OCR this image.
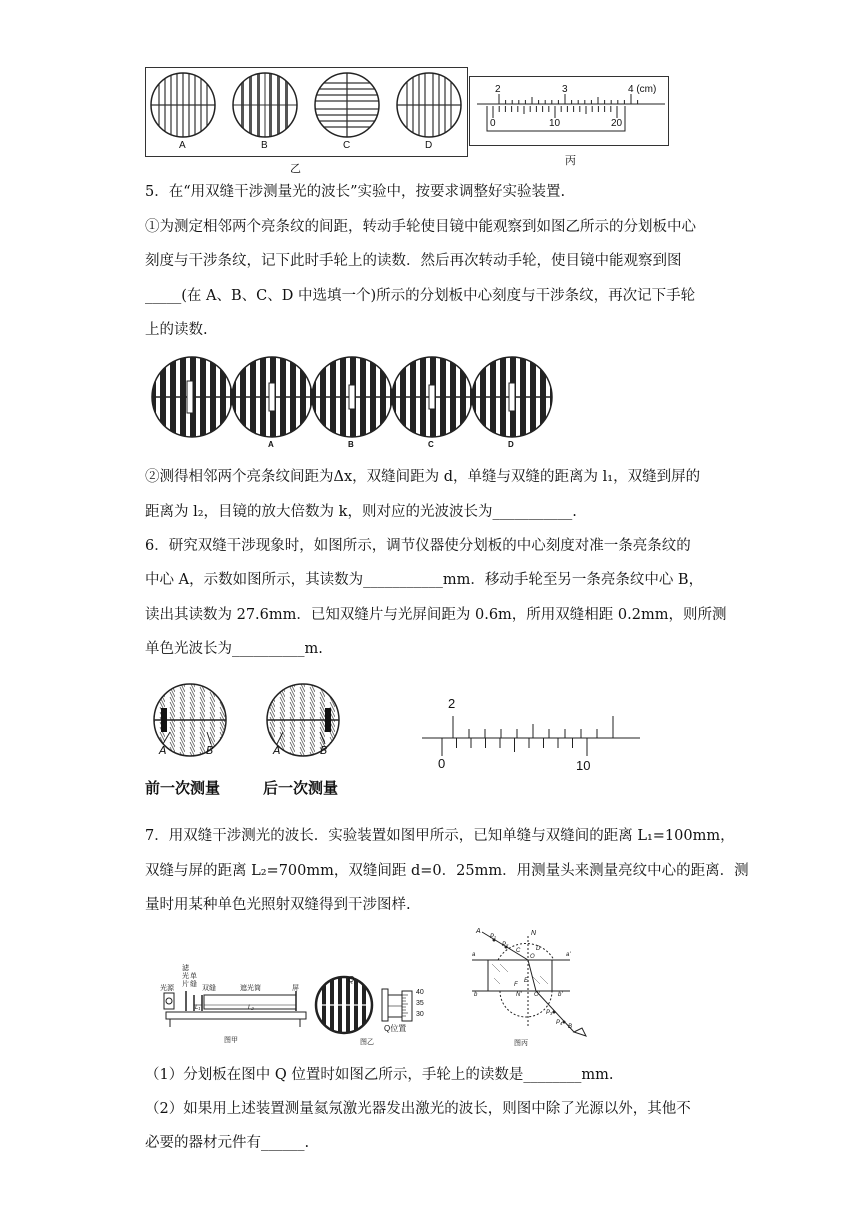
A	B	C	D
乙
2	3	4 (cm)
0	10	20
丙
5．在“用双缝干涉测量光的波长”实验中，按要求调整好实验装置.
①为测定相邻两个亮条纹的间距，转动手轮使目镜中能观察到如图乙所示的分划板中心
刻度与干涉条纹，记下此时手轮上的读数．然后再次转动手轮，使目镜中能观察到图
_____(在 A、B、C、D 中选填一个)所示的分划板中心刻度与干涉条纹，再次记下手轮
上的读数.
A	B	C	D
②测得相邻两个亮条纹间距为Δx，双缝间距为 d，单缝与双缝的距离为 l₁，双缝到屏的
距离为 l₂，目镜的放大倍数为 k，则对应的光波波长为___________.
6．研究双缝干涉现象时，如图所示，调节仪器使分划板的中心刻度对准一条亮条纹的
中心 A，示数如图所示，其读数为___________mm．移动手轮至另一条亮条纹中心 B，
读出其读数为 27.6mm．已知双缝片与光屏间距为 0.6m，所用双缝相距 0.2mm，则所测
单色光波长为__________m.
A	B	A	B
2
0	10
前一次测量	后一次测量
7．用双缝干涉测光的波长．实验装置如图甲所示，已知单缝与双缝间的距离 L₁=100mm，
双缝与屏的距离 L₂=700mm，双缝间距 d=0．25mm．用测量头来测量亮纹中心的距离．测
量时用某种单色光照射双缝得到干涉图样.
光源
滤光片
单缝
双缝	遮光筒	屏
L₁	L₂
图甲
Q
40
35
30
Q位置
图乙
A
P₁
P₂
N
C	D
O
a	a'
b	b'
N' O'
F
E
P₃
P₄
B
图丙
（1）分划板在图中 Q 位置时如图乙所示，手轮上的读数是________mm.
（2）如果用上述装置测量氦氖激光器发出激光的波长，则图中除了光源以外，其他不
必要的器材元件有______.
